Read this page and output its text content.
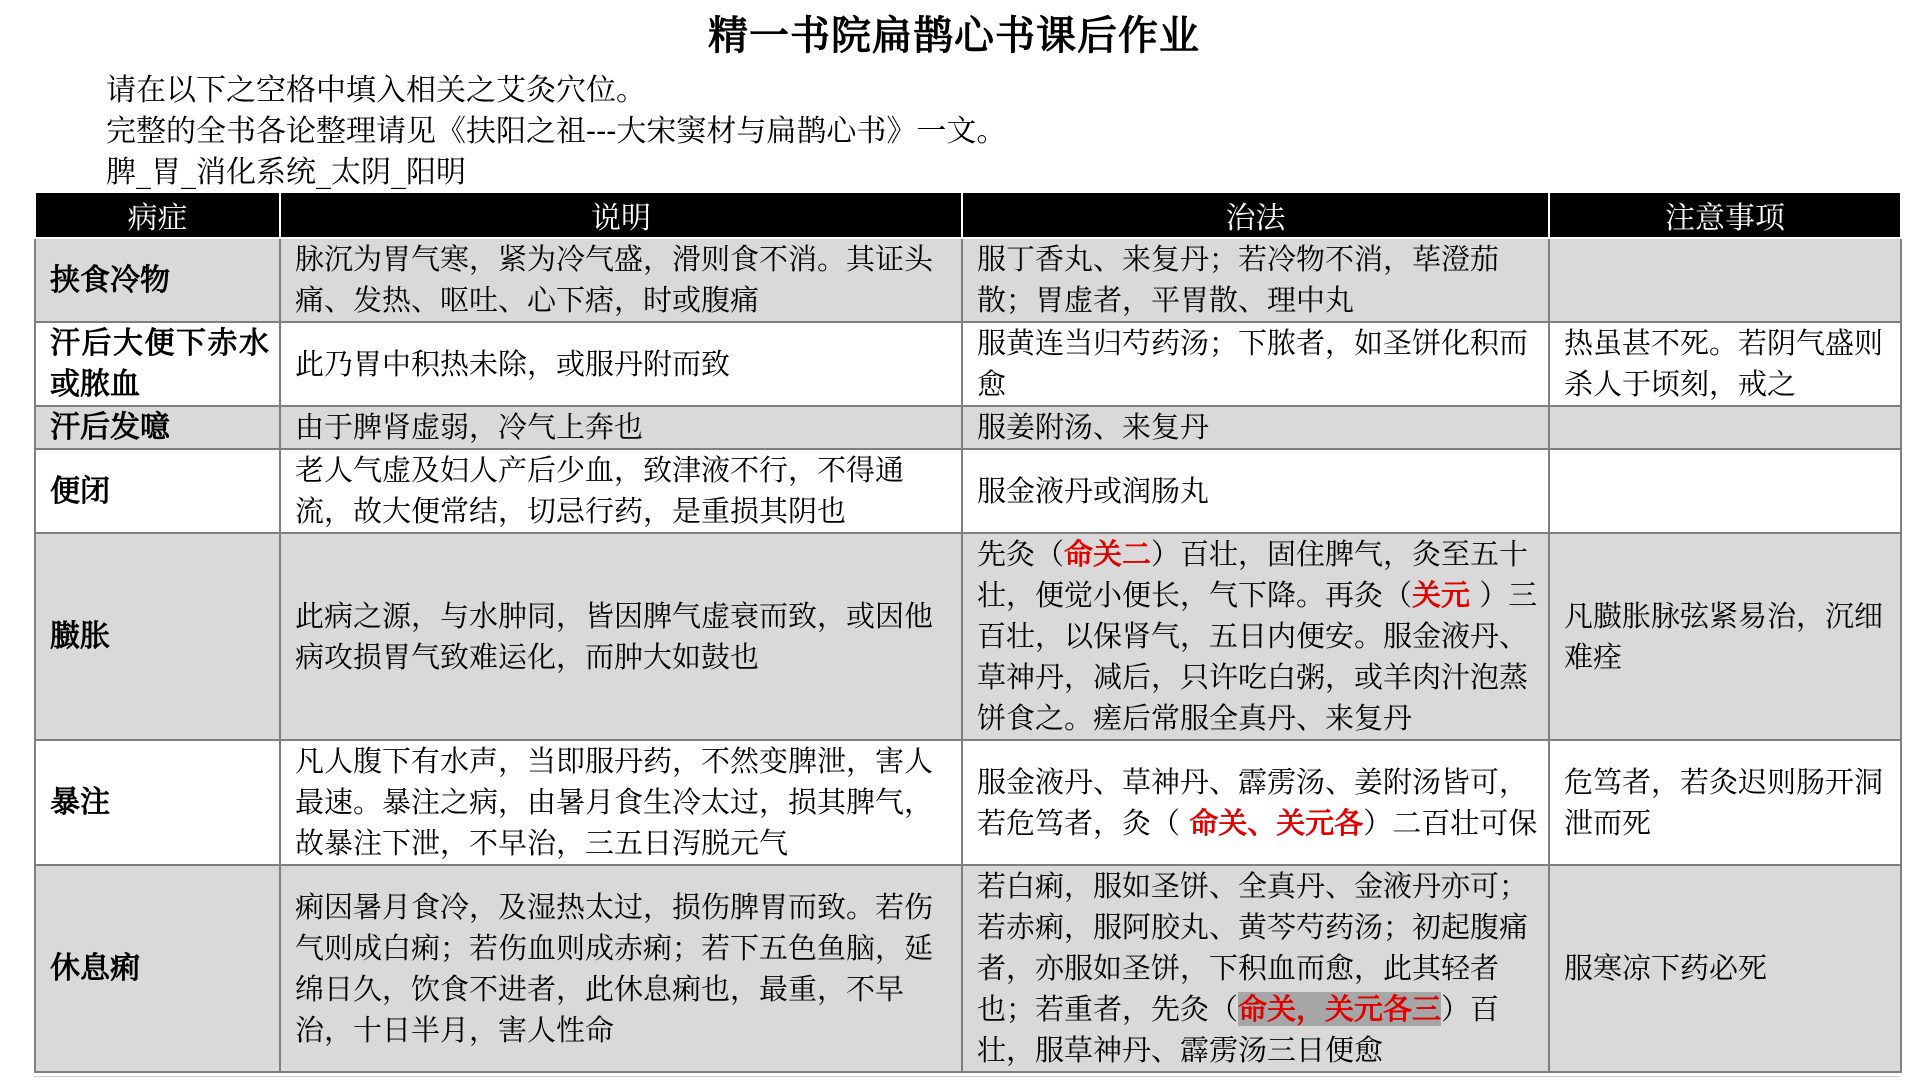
精一书院扁鹊心书课后作业
请在以下之空格中填入相关之艾灸穴位。
完整的全书各论整理请见《扶阳之祖---大宋窦材与扁鹊心书》一文。
脾_胃_消化系统_太阴_阳明
病症	说明	治法	注意事项
挟食冷物	脉沉为胃气寒，紧为冷气盛，滑则食不消。其证头痛、发热、呕吐、心下痞，时或腹痛	服丁香丸、来复丹；若冷物不消，荜澄茄散；胃虚者，平胃散、理中丸	
汗后大便下赤水或脓血	此乃胃中积热未除，或服丹附而致	服黄连当归芍药汤；下脓者，如圣饼化积而愈	热虽甚不死。若阴气盛则杀人于顷刻，戒之
汗后发噫	由于脾肾虚弱，冷气上奔也	服姜附汤、来复丹	
便闭	老人气虚及妇人产后少血，致津液不行，不得通流，故大便常结，切忌行药，是重损其阴也	服金液丹或润肠丸	
臌胀	此病之源，与水肿同，皆因脾气虚衰而致，或因他病攻损胃气致难运化，而肿大如鼓也	先灸（命关二）百壮，固住脾气，灸至五十壮，便觉小便长，气下降。再灸（关元 ）三百壮，以保肾气，五日内便安。服金液丹、草神丹，减后，只许吃白粥，或羊肉汁泡蒸饼食之。瘥后常服全真丹、来复丹	凡臌胀脉弦紧易治，沉细难痊
暴注	凡人腹下有水声，当即服丹药，不然变脾泄，害人最速。暴注之病，由暑月食生冷太过，损其脾气，故暴注下泄，不早治，三五日泻脱元气	服金液丹、草神丹、霹雳汤、姜附汤皆可，若危笃者，灸（ 命关、关元各）二百壮可保	危笃者，若灸迟则肠开洞泄而死
休息痢	痢因暑月食冷，及湿热太过，损伤脾胃而致。若伤气则成白痢；若伤血则成赤痢；若下五色鱼脑，延绵日久，饮食不进者，此休息痢也，最重，不早治，十日半月，害人性命	若白痢，服如圣饼、全真丹、金液丹亦可；若赤痢，服阿胶丸、黄芩芍药汤；初起腹痛者，亦服如圣饼，下积血而愈，此其轻者也；若重者，先灸（命关，关元各三）百壮，服草神丹、霹雳汤三日便愈	服寒凉下药必死
